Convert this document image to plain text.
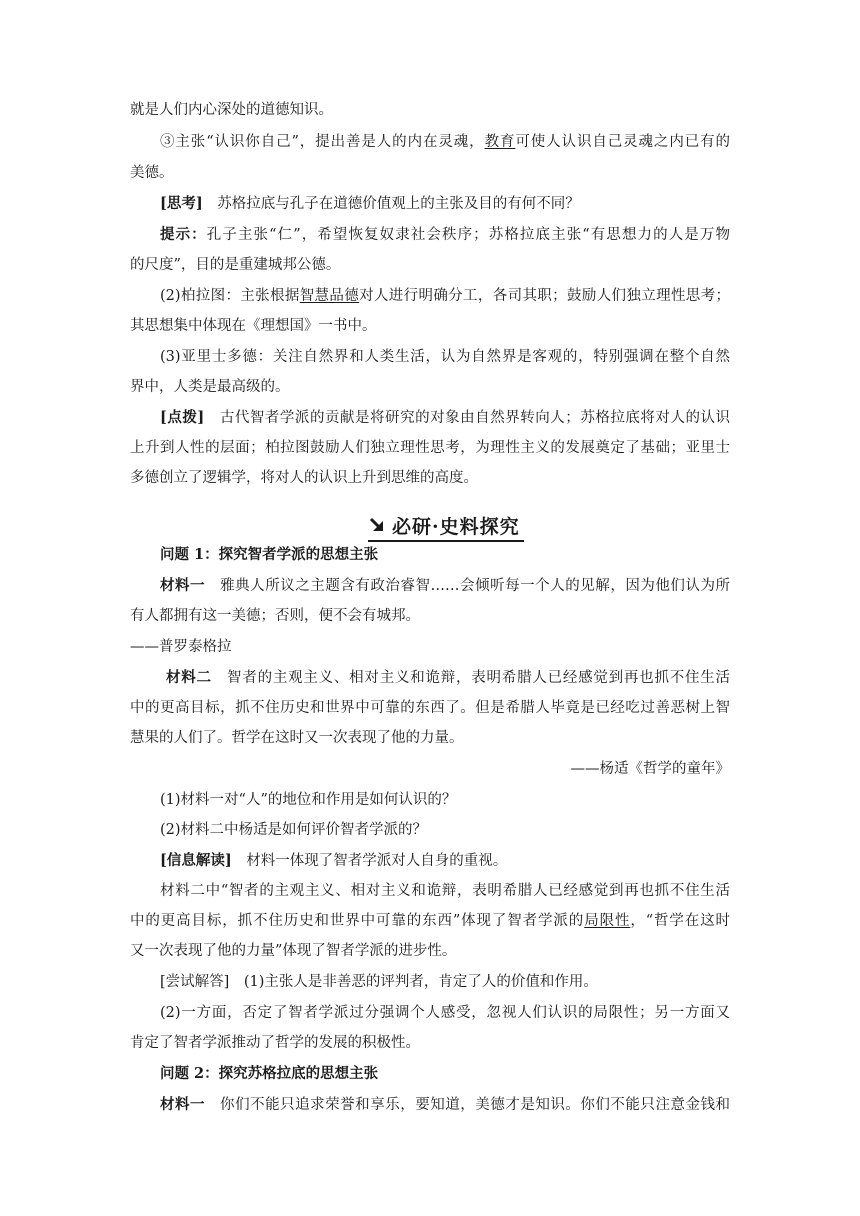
就是人们内心深处的道德知识。
③主张“认识你自己”，提出善是人的内在灵魂，教育可使人认识自己灵魂之内已有的
美德。
[思考]　苏格拉底与孔子在道德价值观上的主张及目的有何不同？
提示：孔子主张“仁”，希望恢复奴隶社会秩序；苏格拉底主张“有思想力的人是万物
的尺度”，目的是重建城邦公德。
(2)柏拉图：主张根据智慧品德对人进行明确分工，各司其职；鼓励人们独立理性思考；
其思想集中体现在《理想国》一书中。
(3)亚里士多德：关注自然界和人类生活，认为自然界是客观的，特别强调在整个自然
界中，人类是最高级的。
[点拨]　古代智者学派的贡献是将研究的对象由自然界转向人；苏格拉底将对人的认识
上升到人性的层面；柏拉图鼓励人们独立理性思考，为理性主义的发展奠定了基础；亚里士
多德创立了逻辑学，将对人的认识上升到思维的高度。
必研·史料探究
问题 1：探究智者学派的思想主张
材料一　雅典人所议之主题含有政治睿智……会倾听每一个人的见解，因为他们认为所
有人都拥有这一美德；否则，便不会有城邦。
——普罗泰格拉
材料二　智者的主观主义、相对主义和诡辩，表明希腊人已经感觉到再也抓不住生活
中的更高目标，抓不住历史和世界中可靠的东西了。但是希腊人毕竟是已经吃过善恶树上智
慧果的人们了。哲学在这时又一次表现了他的力量。
——杨适《哲学的童年》
(1)材料一对“人”的地位和作用是如何认识的？
(2)材料二中杨适是如何评价智者学派的？
[信息解读]　材料一体现了智者学派对人自身的重视。
材料二中“智者的主观主义、相对主义和诡辩，表明希腊人已经感觉到再也抓不住生活
中的更高目标，抓不住历史和世界中可靠的东西”体现了智者学派的局限性，“哲学在这时
又一次表现了他的力量”体现了智者学派的进步性。
[尝试解答]　(1)主张人是非善恶的评判者，肯定了人的价值和作用。
(2)一方面，否定了智者学派过分强调个人感受，忽视人们认识的局限性；另一方面又
肯定了智者学派推动了哲学的发展的积极性。
问题 2：探究苏格拉底的思想主张
材料一　你们不能只追求荣誉和享乐，要知道，美德才是知识。你们不能只注意金钱和
